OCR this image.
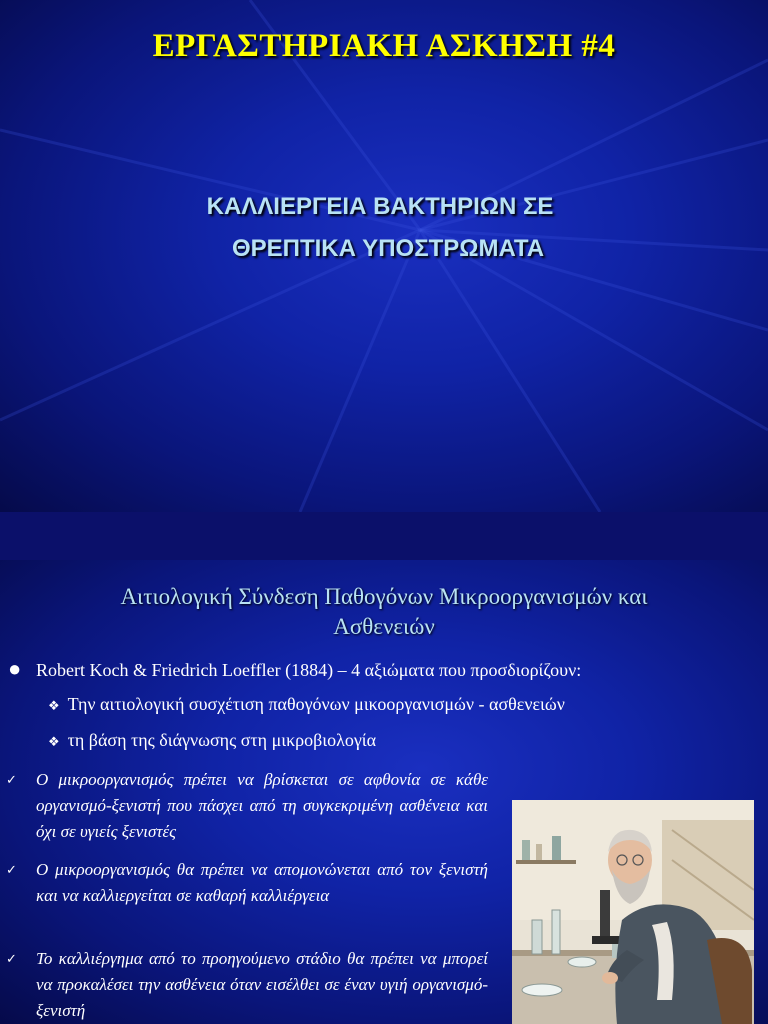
ΕΡΓΑΣΤΗΡΙΑΚΗ ΑΣΚΗΣΗ #4
ΚΑΛΛΙΕΡΓΕΙΑ ΒΑΚΤΗΡΙΩΝ ΣΕ
ΘΡΕΠΤΙΚΑ ΥΠΟΣΤΡΩΜΑΤΑ
Αιτιολογική Σύνδεση Παθογόνων Μικροοργανισμών και
Ασθενειών
● Robert Koch & Friedrich Loeffler (1884) – 4 αξιώματα που προσδιορίζουν:
❖ Την αιτιολογική συσχέτιση παθογόνων μικοοργανισμών - ασθενειών
❖ τη βάση της διάγνωσης στη μικροβιολογία
✓ Ο μικροοργανισμός πρέπει να βρίσκεται σε αφθονία σε κάθε οργανισμό-ξενιστή που πάσχει από τη συγκεκριμένη ασθένεια και όχι σε υγιείς ξενιστές
✓ Ο μικροοργανισμός θα πρέπει να απομονώνεται από τον ξενιστή και να καλλιεργείται σε καθαρή καλλιέργεια
✓ Το καλλιέργημα από το προηγούμενο στάδιο θα πρέπει να μπορεί να προκαλέσει την ασθένεια όταν εισέλθει σε έναν υγιή οργανισμό-ξενιστή
